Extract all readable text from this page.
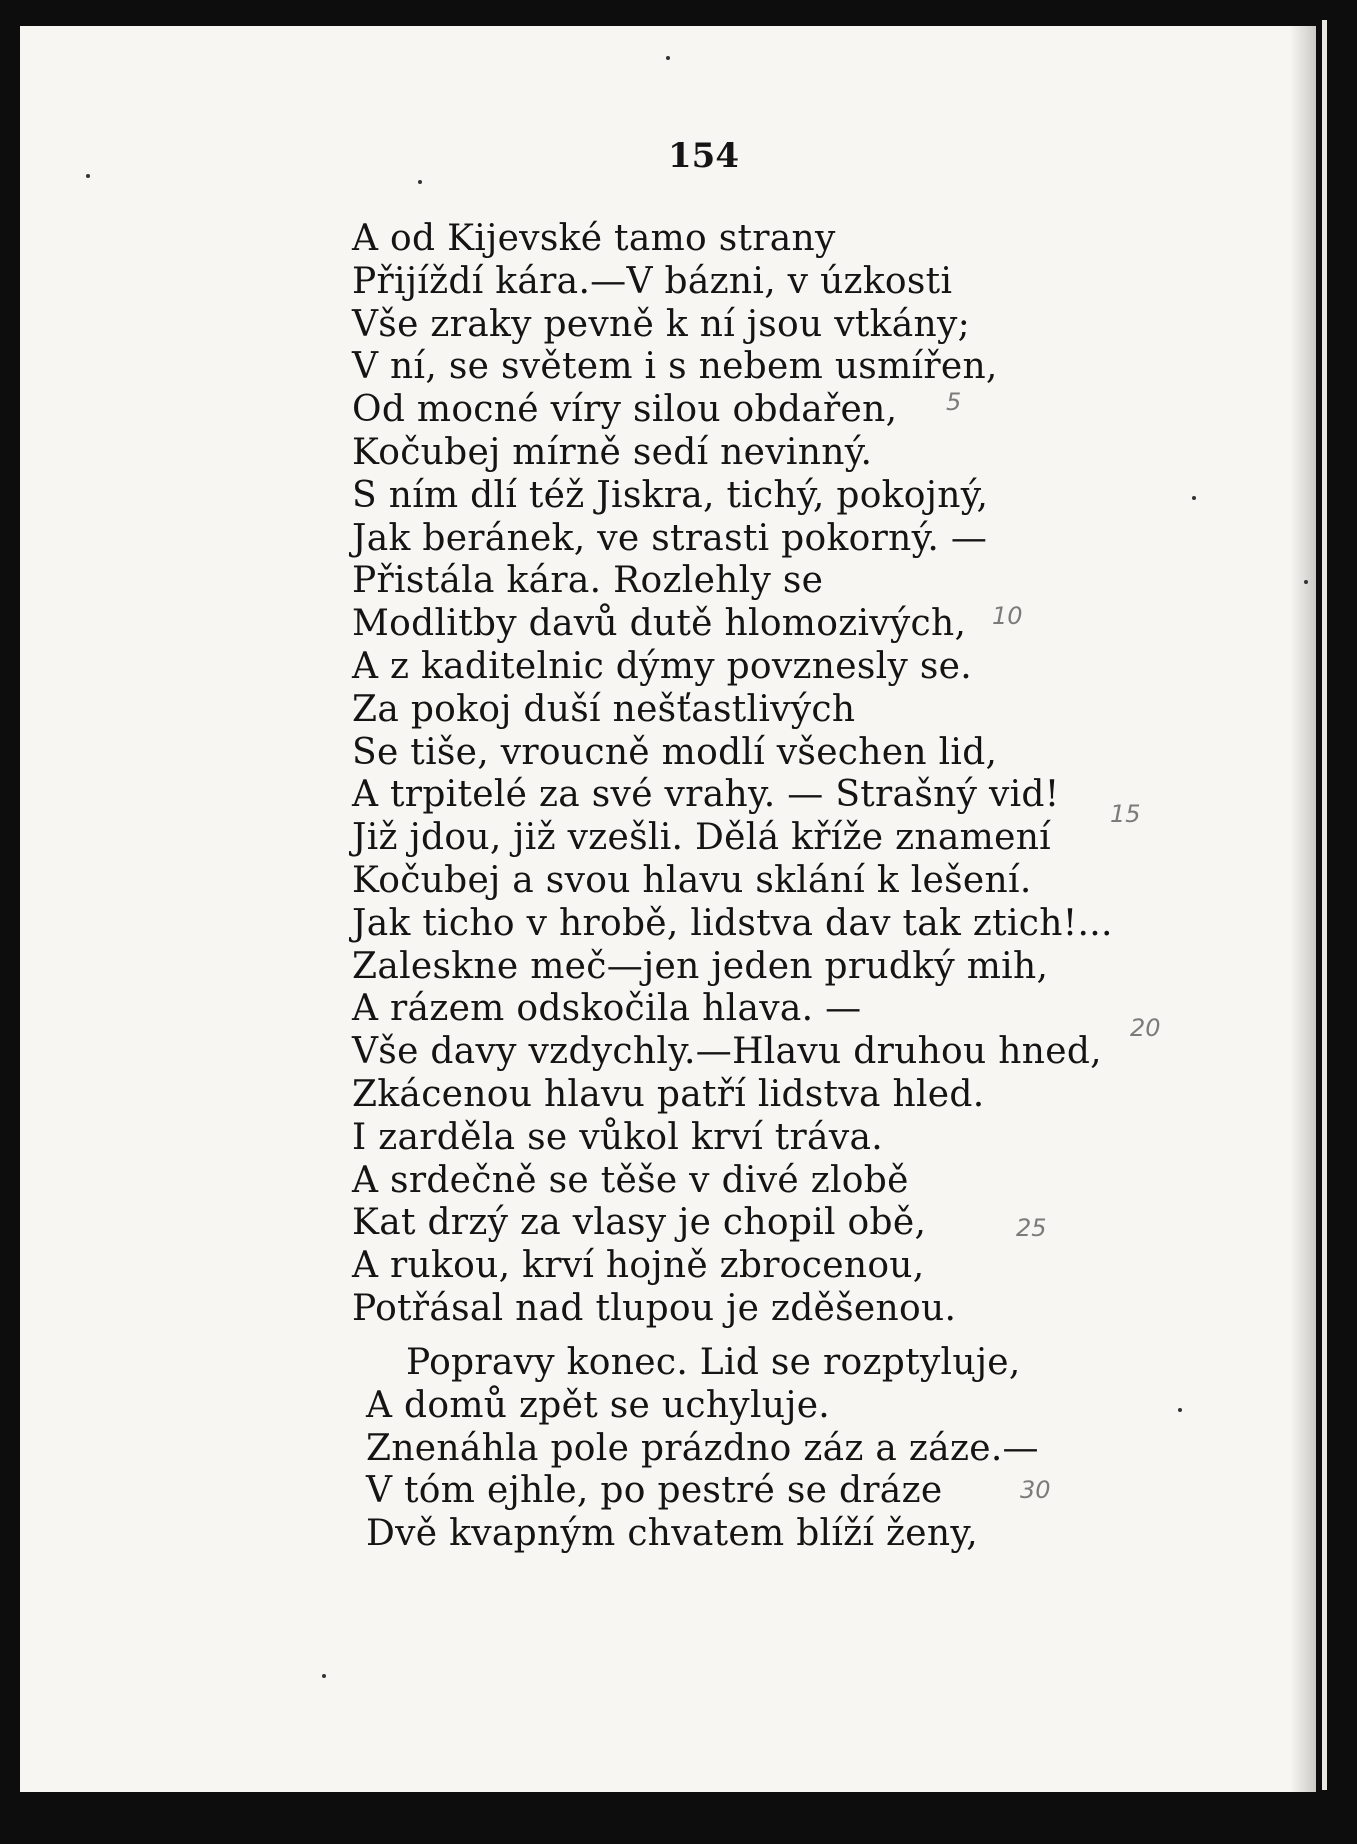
154
A od Kijevské tamo strany
Přijíždí kára.—V bázni, v úzkosti
Vše zraky pevně k ní jsou vtkány;
V ní, se světem i s nebem usmířen,
Od mocné víry silou obdařen,
Kočubej mírně sedí nevinný.
S ním dlí též Jiskra, tichý, pokojný,
Jak beránek, ve strasti pokorný. —
Přistála kára. Rozlehly se
Modlitby davů dutě hlomozivých,
A z kaditelnic dýmy povznesly se.
Za pokoj duší nešťastlivých
Se tiše, vroucně modlí všechen lid,
A trpitelé za své vrahy. — Strašný vid!
Již jdou, již vzešli. Dělá kříže znamení
Kočubej a svou hlavu sklání k lešení.
Jak ticho v hrobě, lidstva dav tak ztich!...
Zaleskne meč—jen jeden prudký mih,
A rázem odskočila hlava. —
Vše davy vzdychly.—Hlavu druhou hned,
Zkácenou hlavu patří lidstva hled.
I zarděla se vůkol krví tráva.
A srdečně se těše v divé zlobě
Kat drzý za vlasy je chopil obě,
A rukou, krví hojně zbrocenou,
Potřásal nad tlupou je zděšenou.
Popravy konec. Lid se rozptyluje,
A domů zpět se uchyluje.
Znenáhla pole prázdno záz a záze.—
V tóm ejhle, po pestré se dráze
Dvě kvapným chvatem blíží ženy,
5
10
15
20
25
30
